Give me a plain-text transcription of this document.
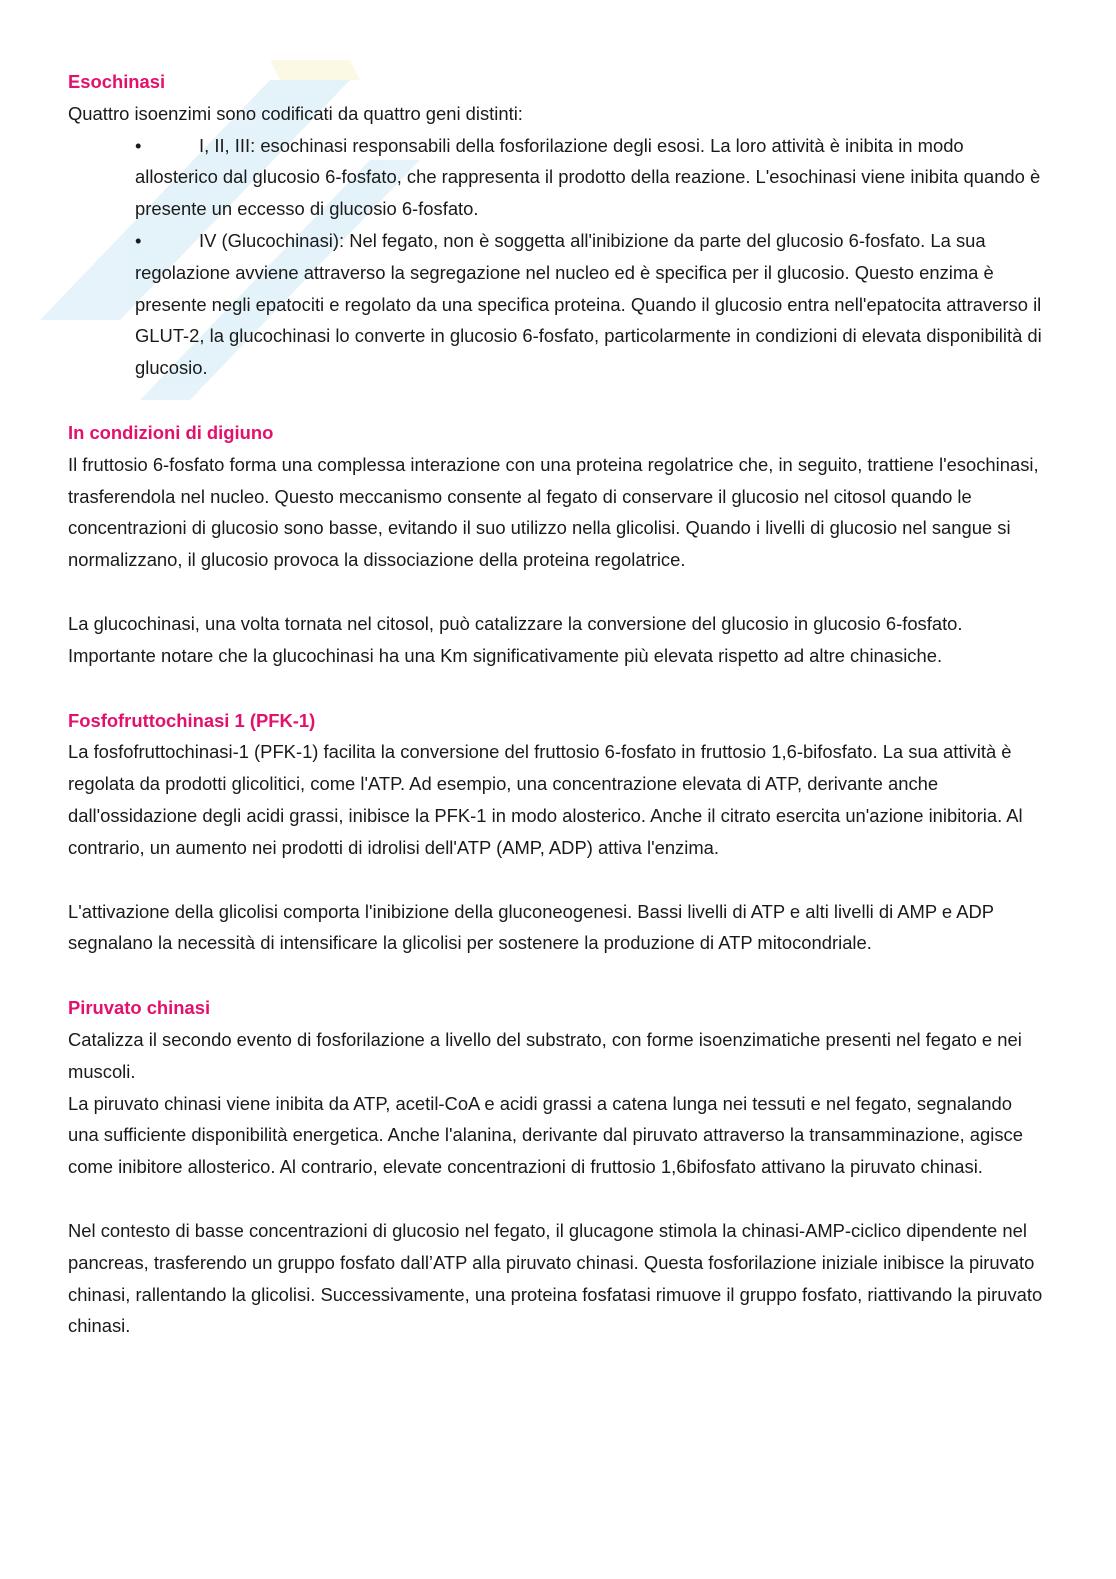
Esochinasi

Quattro isoenzimi sono codificati da quattro geni distinti:

•	I, II, III: esochinasi responsabili della fosforilazione degli esosi. La loro attività è inibita in modo allosterico dal glucosio 6-fosfato, che rappresenta il prodotto della reazione. L'esochinasi viene inibita quando è presente un eccesso di glucosio 6-fosfato.
•	IV (Glucochinasi): Nel fegato, non è soggetta all'inibizione da parte del glucosio 6-fosfato. La sua regolazione avviene attraverso la segregazione nel nucleo ed è specifica per il glucosio. Questo enzima è presente negli epatociti e regolato da una specifica proteina. Quando il glucosio entra nell'epatocita attraverso il GLUT-2, la glucochinasi lo converte in glucosio 6-fosfato, particolarmente in condizioni di elevata disponibilità di glucosio.
In condizioni di digiuno

Il fruttosio 6-fosfato forma una complessa interazione con una proteina regolatrice che, in seguito, trattiene l'esochinasi, trasferendola nel nucleo. Questo meccanismo consente al fegato di conservare il glucosio nel citosol quando le concentrazioni di glucosio sono basse, evitando il suo utilizzo nella glicolisi. Quando i livelli di glucosio nel sangue si normalizzano, il glucosio provoca la dissociazione della proteina regolatrice.

La glucochinasi, una volta tornata nel citosol, può catalizzare la conversione del glucosio in glucosio 6-fosfato. Importante notare che la glucochinasi ha una Km significativamente più elevata rispetto ad altre chinasiche.

Fosfofruttochinasi 1 (PFK-1)

La fosfofruttochinasi-1 (PFK-1) facilita la conversione del fruttosio 6-fosfato in fruttosio 1,6-bifosfato. La sua attività è regolata da prodotti glicolitici, come l'ATP. Ad esempio, una concentrazione elevata di ATP, derivante anche dall'ossidazione degli acidi grassi, inibisce la PFK-1 in modo alosterico. Anche il citrato esercita un'azione inibitoria. Al contrario, un aumento nei prodotti di idrolisi dell'ATP (AMP, ADP) attiva l'enzima.

L'attivazione della glicolisi comporta l'inibizione della gluconeogenesi. Bassi livelli di ATP e alti livelli di AMP e ADP segnalano la necessità di intensificare la glicolisi per sostenere la produzione di ATP mitocondriale.

Piruvato chinasi

Catalizza il secondo evento di fosforilazione a livello del substrato, con forme isoenzimatiche presenti nel fegato e nei muscoli.

La piruvato chinasi viene inibita da ATP, acetil-CoA e acidi grassi a catena lunga nei tessuti e nel fegato, segnalando una sufficiente disponibilità energetica. Anche l'alanina, derivante dal piruvato attraverso la transamminazione, agisce come inibitore allosterico. Al contrario, elevate concentrazioni di fruttosio 1,6bifosfato attivano la piruvato chinasi.

Nel contesto di basse concentrazioni di glucosio nel fegato, il glucagone stimola la chinasi-AMP-ciclico dipendente nel pancreas, trasferendo un gruppo fosfato dall’ATP alla piruvato chinasi. Questa fosforilazione iniziale inibisce la piruvato chinasi, rallentando la glicolisi. Successivamente, una proteina fosfatasi rimuove il gruppo fosfato, riattivando la piruvato chinasi.
